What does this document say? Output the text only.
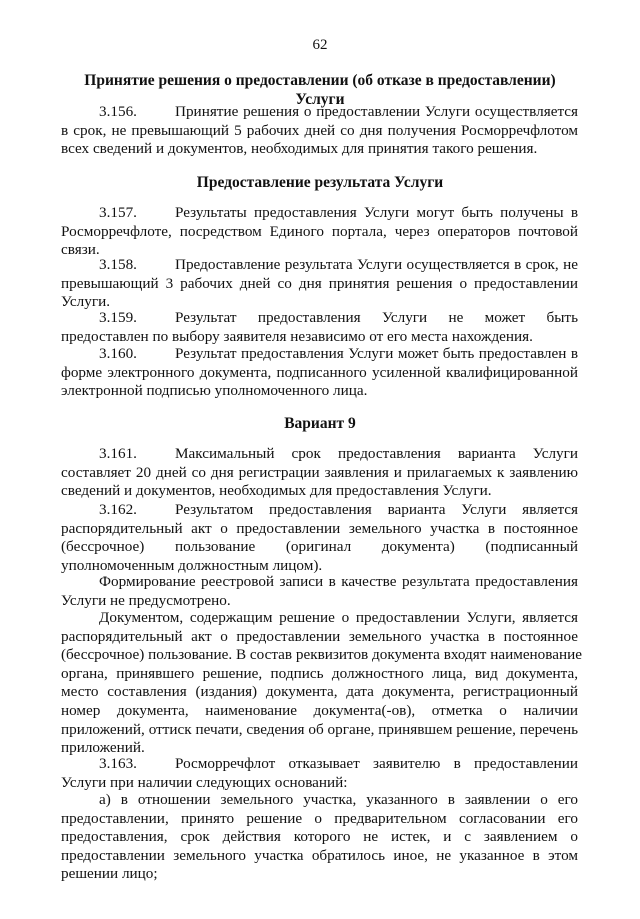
62
Принятие решения о предоставлении (об отказе в предоставлении) Услуги
3.156.	Принятие решения о предоставлении Услуги осуществляется
в срок, не превышающий 5 рабочих дней со дня получения Росморречфлотом
всех сведений и документов, необходимых для принятия такого решения.
Предоставление результата Услуги
3.157.	Результаты предоставления Услуги могут быть получены в
Росморречфлоте, посредством Единого портала, через операторов почтовой
связи.
3.158.	Предоставление результата Услуги осуществляется в срок, не
превышающий 3 рабочих дней со дня принятия решения о предоставлении
Услуги.
3.159.	Результат предоставления Услуги не может быть
предоставлен по выбору заявителя независимо от его места нахождения.
3.160.	Результат предоставления Услуги может быть предоставлен в
форме электронного документа, подписанного усиленной квалифицированной
электронной подписью уполномоченного лица.
Вариант 9
3.161.	Максимальный срок предоставления варианта Услуги
составляет 20 дней со дня регистрации заявления и прилагаемых к заявлению
сведений и документов, необходимых для предоставления Услуги.
3.162.	Результатом предоставления варианта Услуги является
распорядительный акт о предоставлении земельного участка в постоянное
(бессрочное) пользование (оригинал документа) (подписанный
уполномоченным должностным лицом).
Формирование реестровой записи в качестве результата предоставления
Услуги не предусмотрено.
Документом, содержащим решение о предоставлении Услуги, является
распорядительный акт о предоставлении земельного участка в постоянное
(бессрочное) пользование. В состав реквизитов документа входят наименование
органа, принявшего решение, подпись должностного лица, вид документа,
место составления (издания) документа, дата документа, регистрационный
номер документа, наименование документа(-ов), отметка о наличии
приложений, оттиск печати, сведения об органе, принявшем решение, перечень
приложений.
3.163.	Росморречфлот отказывает заявителю в предоставлении
Услуги при наличии следующих оснований:
а) в отношении земельного участка, указанного в заявлении о его
предоставлении, принято решение о предварительном согласовании его
предоставления, срок действия которого не истек, и с заявлением о
предоставлении земельного участка обратилось иное, не указанное в этом
решении лицо;
